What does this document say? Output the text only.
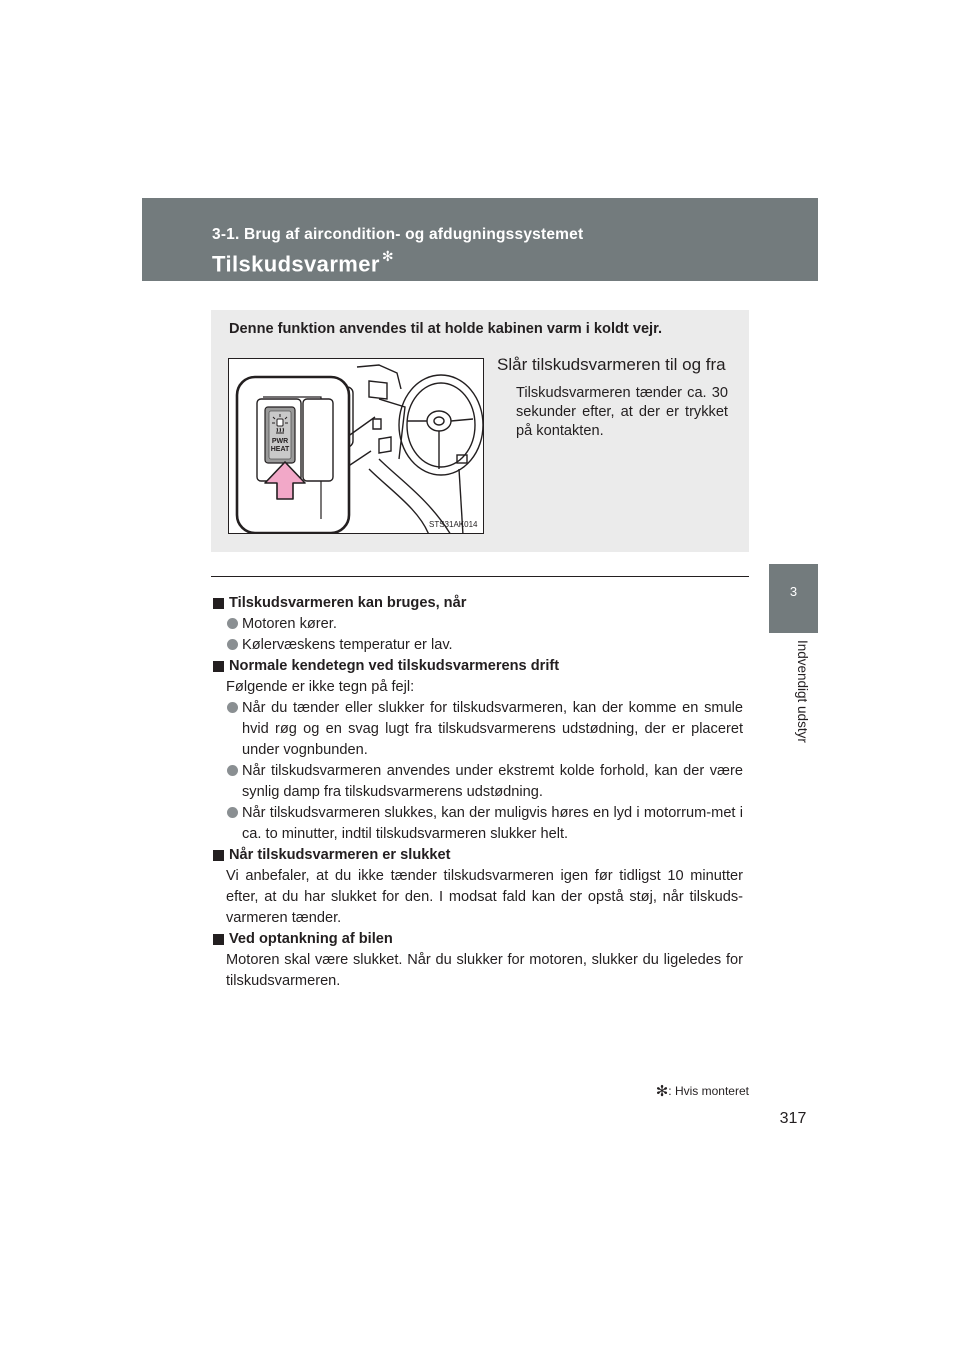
3-1. Brug af aircondition- og afdugningssystemet
Tilskudsvarmer ✻
3
Indvendigt udstyr
Denne funktion anvendes til at holde kabinen varm i koldt vejr.
PWR
HEAT
STS31AK014
Slår tilskudsvarmeren til og fra
Tilskudsvarmeren tænder ca. 30 sekunder efter, at der er trykket på kontakten.

Tilskudsvarmeren kan bruges, når

Motoren kører.

Kølervæskens temperatur er lav.

Normale kendetegn ved tilskudsvarmerens drift

Følgende er ikke tegn på fejl:

Når du tænder eller slukker for tilskudsvarmeren, kan der komme en smule hvid røg og en svag lugt fra tilskudsvarmerens udstødning, der er placeret under vognbunden.

Når tilskudsvarmeren anvendes under ekstremt kolde forhold, kan der være synlig damp fra tilskudsvarmerens udstødning.

Når tilskudsvarmeren slukkes, kan der muligvis høres en lyd i motorrum-met i ca. to minutter, indtil tilskudsvarmeren slukker helt.

Når tilskudsvarmeren er slukket

Vi anbefaler, at du ikke tænder tilskudsvarmeren igen før tidligst 10 minutter efter, at du har slukket for den. I modsat fald kan der opstå støj, når tilskuds-varmeren tænder.

Ved optankning af bilen

Motoren skal være slukket. Når du slukker for motoren, slukker du ligeledes for tilskudsvarmeren.

✻: Hvis monteret
317
